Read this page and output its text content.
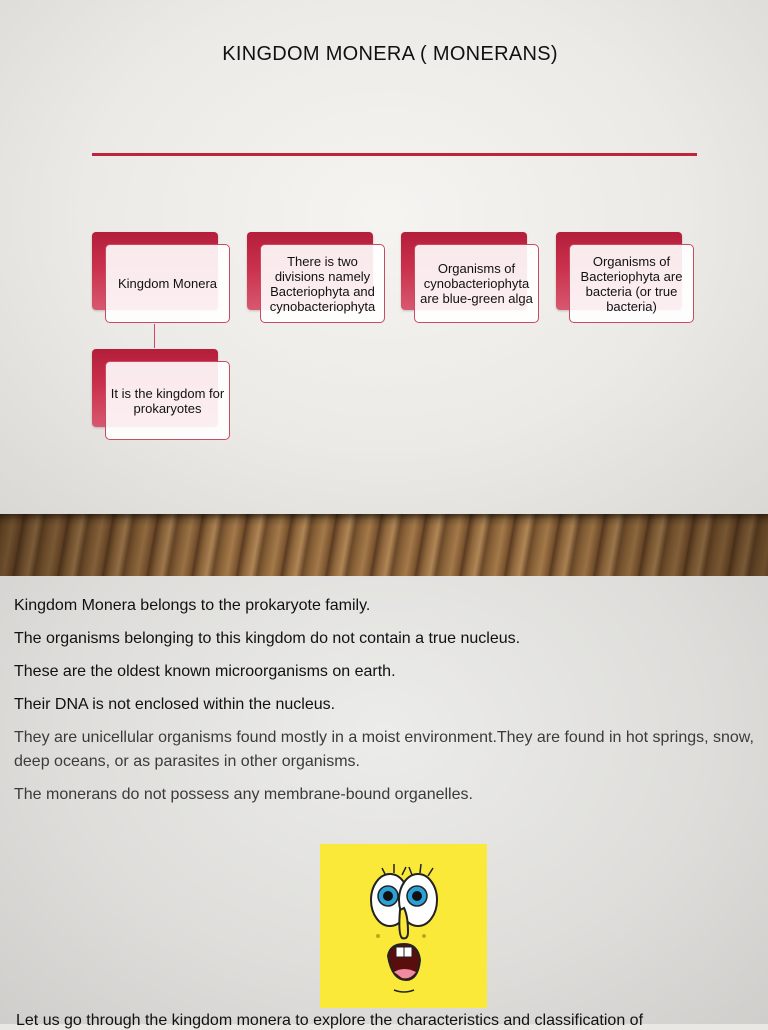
KINGDOM MONERA ( MONERANS)
Kingdom Monera
There is two divisions namely Bacteriophyta and cynobacteriophyta
Organisms of cynobacteriophyta are blue-green alga
Organisms of Bacteriophyta are bacteria (or true bacteria)
It is the kingdom for prokaryotes
Kingdom Monera belongs to the prokaryote family.
The organisms belonging to this kingdom do not contain a true nucleus.
These are the oldest known microorganisms on earth.
Their DNA is not enclosed within the nucleus.
They are unicellular organisms found mostly in a moist environment.They are found in hot springs, snow, deep oceans, or as parasites in other organisms.
The monerans do not possess any membrane-bound organelles.
Let us go through the kingdom monera to explore the characteristics and classification of
